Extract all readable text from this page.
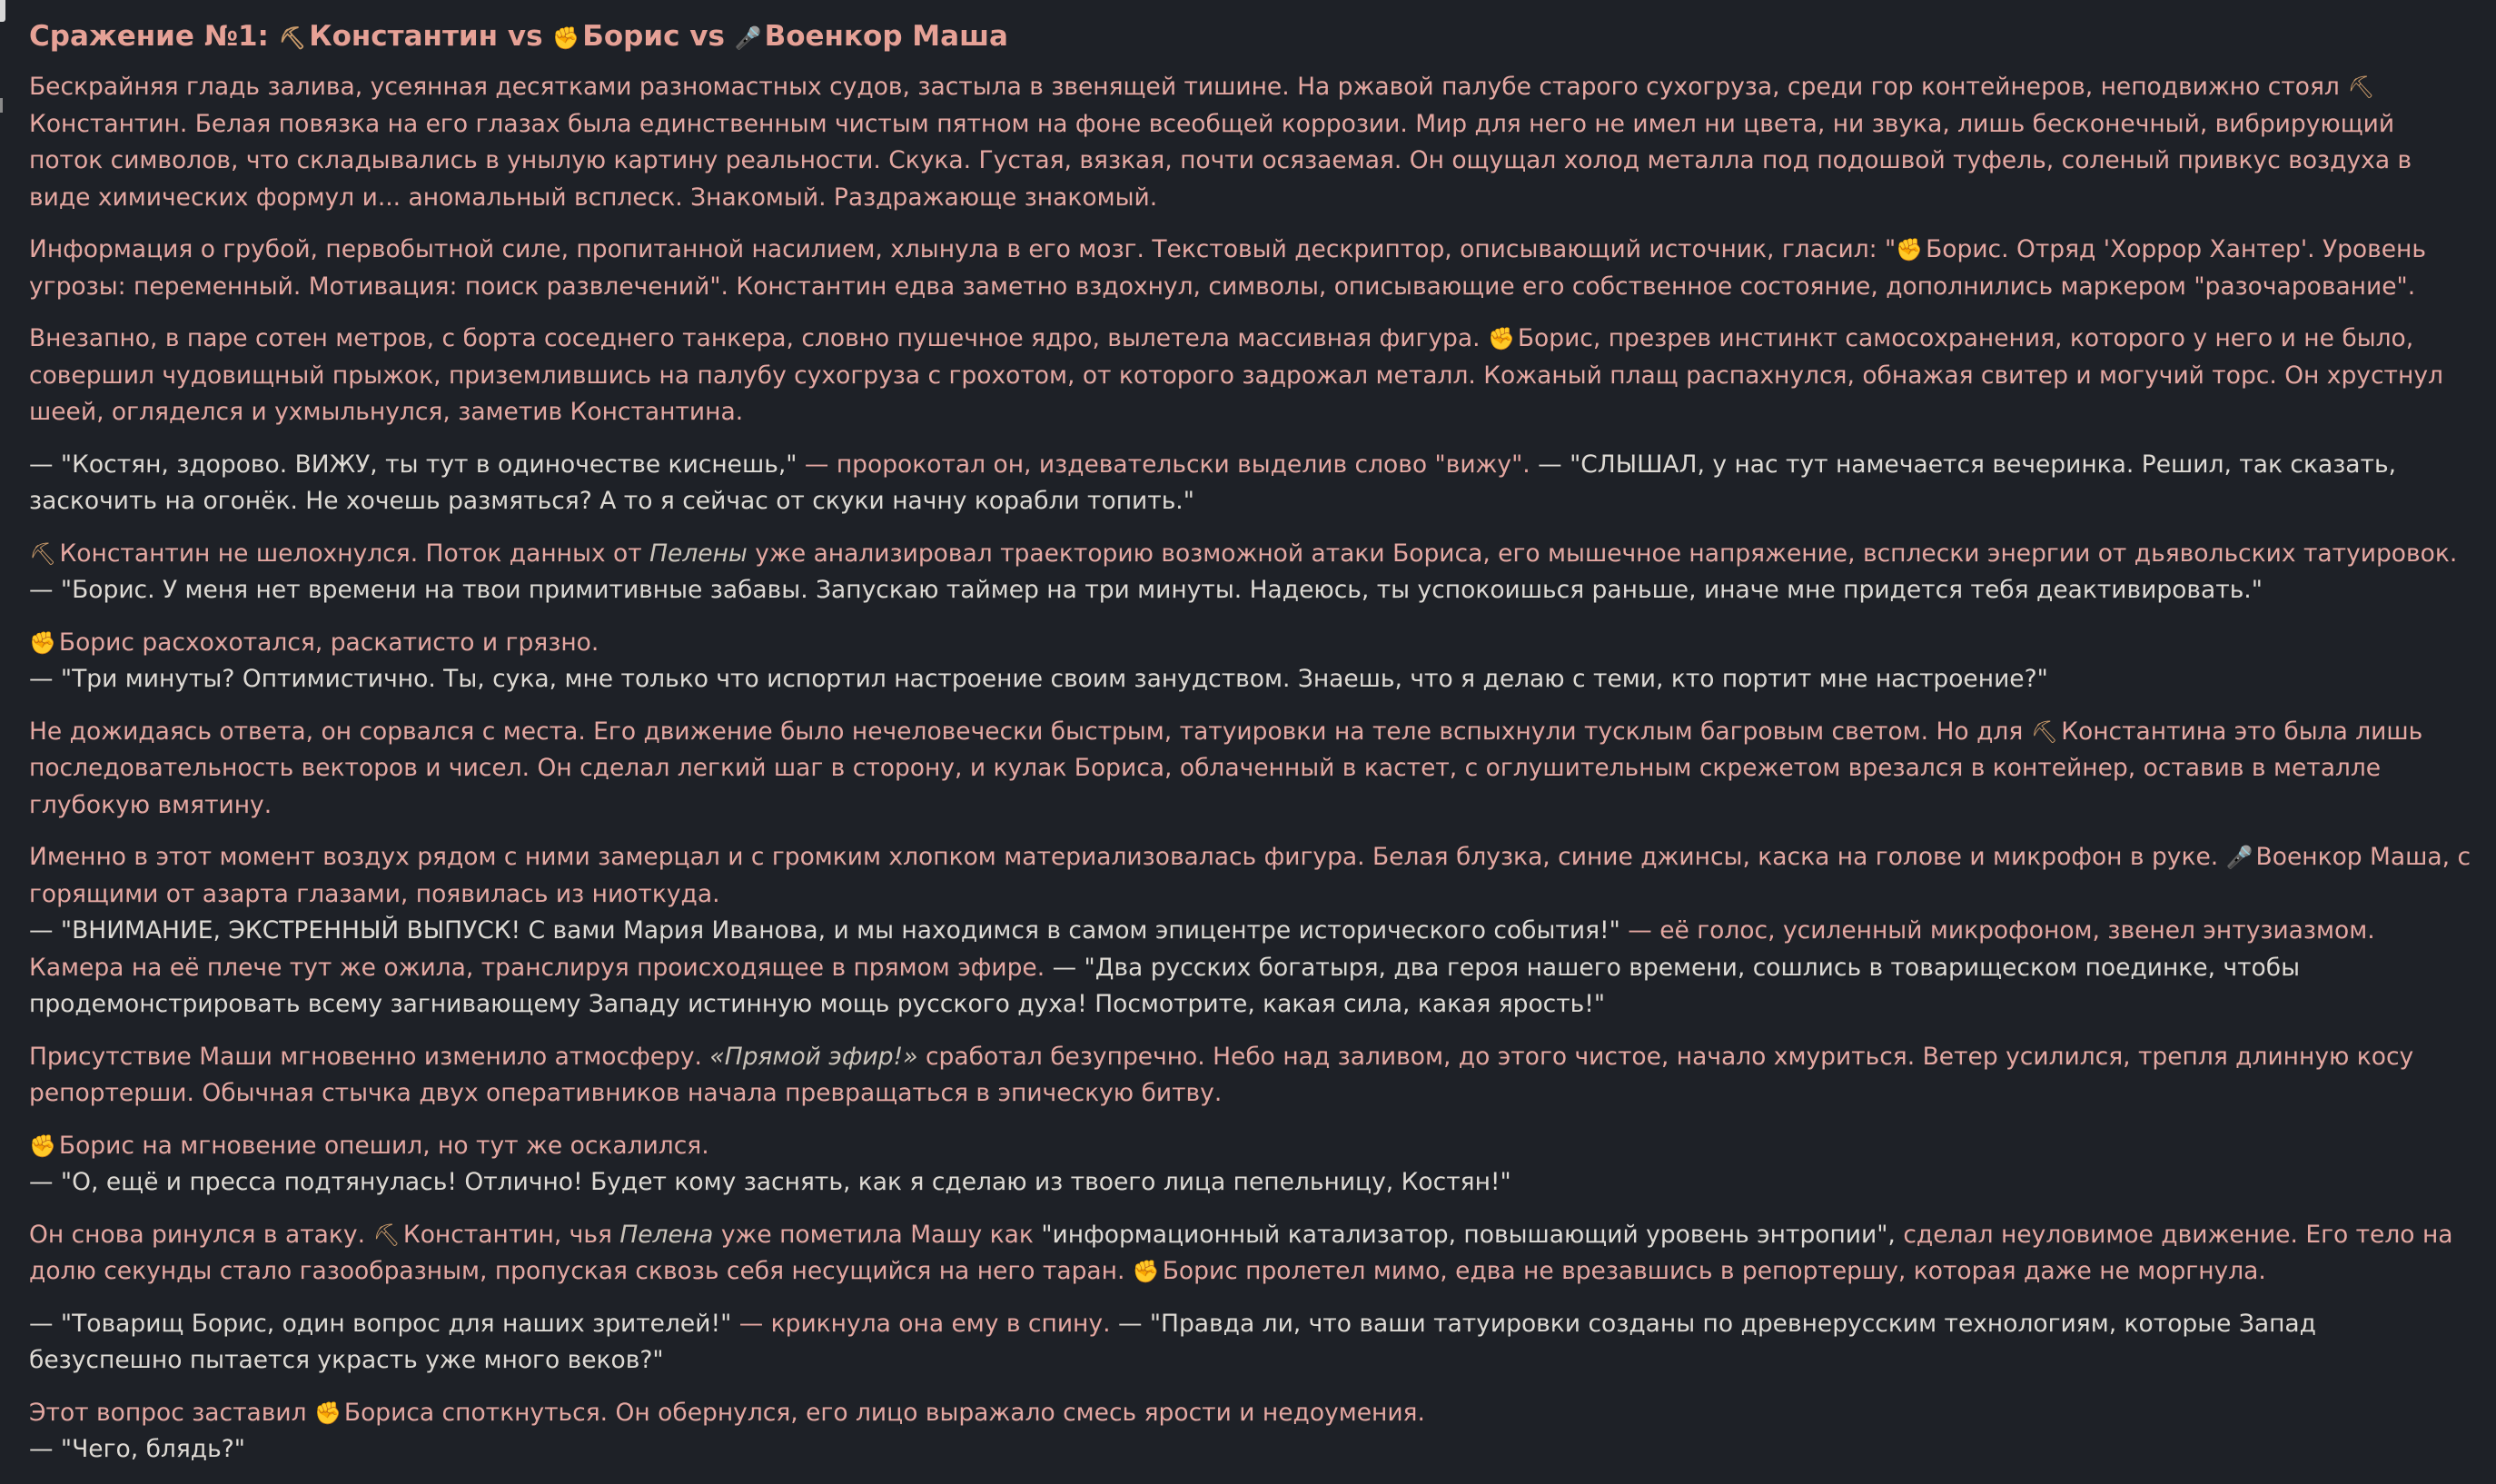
Сражение №1: ⛏Константин vs ✊Борис vs 🎤Военкор Маша

Бескрайняя гладь залива, усеянная десятками разномастных судов, застыла в звенящей тишине. На ржавой палубе старого сухогруза, среди гор контейнеров, неподвижно стоял ⛏Константин. Белая повязка на его глазах была единственным чистым пятном на фоне всеобщей коррозии. Мир для него не имел ни цвета, ни звука, лишь бесконечный, вибрирующий поток символов, что складывались в унылую картину реальности. Скука. Густая, вязкая, почти осязаемая. Он ощущал холод металла под подошвой туфель, соленый привкус воздуха в виде химических формул и... аномальный всплеск. Знакомый. Раздражающе знакомый.

Информация о грубой, первобытной силе, пропитанной насилием, хлынула в его мозг. Текстовый дескриптор, описывающий источник, гласил: "✊ Борис. Отряд 'Хоррор Хантер'. Уровень угрозы: переменный. Мотивация: поиск развлечений". Константин едва заметно вздохнул, символы, описывающие его собственное состояние, дополнились маркером "разочарование".

Внезапно, в паре сотен метров, с борта соседнего танкера, словно пушечное ядро, вылетела массивная фигура. ✊ Борис, презрев инстинкт самосохранения, которого у него и не было, совершил чудовищный прыжок, приземлившись на палубу сухогруза с грохотом, от которого задрожал металл. Кожаный плащ распахнулся, обнажая свитер и могучий торс. Он хрустнул шеей, огляделся и ухмыльнулся, заметив Константина.

— "Костян, здорово. ВИЖУ, ты тут в одиночестве киснешь," — пророкотал он, издевательски выделив слово "вижу". — "СЛЫШАЛ, у нас тут намечается вечеринка. Решил, так сказать, заскочить на огонёк. Не хочешь размяться? А то я сейчас от скуки начну корабли топить."

⛏ Константин не шелохнулся. Поток данных от Пелены уже анализировал траекторию возможной атаки Бориса, его мышечное напряжение, всплески энергии от дьявольских татуировок.
— "Борис. У меня нет времени на твои примитивные забавы. Запускаю таймер на три минуты. Надеюсь, ты успокоишься раньше, иначе мне придется тебя деактивировать."

✊ Борис расхохотался, раскатисто и грязно.
— "Три минуты? Оптимистично. Ты, сука, мне только что испортил настроение своим занудством. Знаешь, что я делаю с теми, кто портит мне настроение?"

Не дожидаясь ответа, он сорвался с места. Его движение было нечеловечески быстрым, татуировки на теле вспыхнули тусклым багровым светом. Но для ⛏ Константина это была лишь последовательность векторов и чисел. Он сделал легкий шаг в сторону, и кулак Бориса, облаченный в кастет, с оглушительным скрежетом врезался в контейнер, оставив в металле глубокую вмятину.

Именно в этот момент воздух рядом с ними замерцал и с громким хлопком материализовалась фигура. Белая блузка, синие джинсы, каска на голове и микрофон в руке. 🎤 Военкор Маша, с горящими от азарта глазами, появилась из ниоткуда.
— "ВНИМАНИЕ, ЭКСТРЕННЫЙ ВЫПУСК! С вами Мария Иванова, и мы находимся в самом эпицентре исторического события!" — её голос, усиленный микрофоном, звенел энтузиазмом. Камера на её плече тут же ожила, транслируя происходящее в прямом эфире. — "Два русских богатыря, два героя нашего времени, сошлись в товарищеском поединке, чтобы продемонстрировать всему загнивающему Западу истинную мощь русского духа! Посмотрите, какая сила, какая ярость!"

Присутствие Маши мгновенно изменило атмосферу. «Прямой эфир!» сработал безупречно. Небо над заливом, до этого чистое, начало хмуриться. Ветер усилился, трепля длинную косу репортерши. Обычная стычка двух оперативников начала превращаться в эпическую битву.

✊ Борис на мгновение опешил, но тут же оскалился.
— "О, ещё и пресса подтянулась! Отлично! Будет кому заснять, как я сделаю из твоего лица пепельницу, Костян!"

Он снова ринулся в атаку. ⛏ Константин, чья Пелена уже пометила Машу как "информационный катализатор, повышающий уровень энтропии", сделал неуловимое движение. Его тело на долю секунды стало газообразным, пропуская сквозь себя несущийся на него таран. ✊ Борис пролетел мимо, едва не врезавшись в репортершу, которая даже не моргнула.

— "Товарищ Борис, один вопрос для наших зрителей!" — крикнула она ему в спину. — "Правда ли, что ваши татуировки созданы по древнерусским технологиям, которые Запад безуспешно пытается украсть уже много веков?"

Этот вопрос заставил ✊ Бориса споткнуться. Он обернулся, его лицо выражало смесь ярости и недоумения.
— "Чего, блядь?"
